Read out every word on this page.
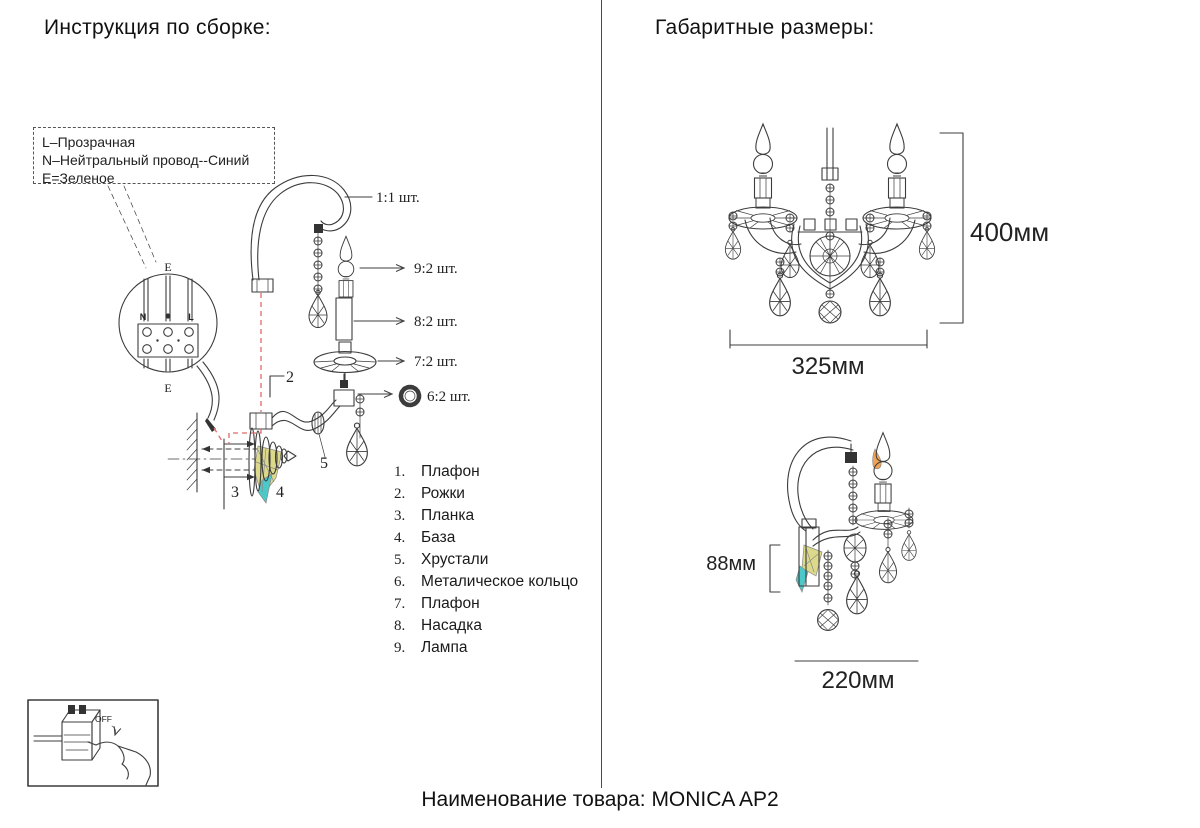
Инструкция по сборке:	Габаритные размеры:
Наименование товара: MONICA AP2
L–Прозрачная
N–Нейтральный провод--Синий
E=Зеленое
1.	Плафон
2.	Рожки
3.	Планка
4.	База
5.	Хрустали
6.	Металическое кольцо
7.	Плафон
8.	Насадка
9.	Лампа
N	L
E
E
3 4
1:1 шт.
9:2 шт.
8:2 шт.
7:2 шт.
6:2 шт.
2
5
OFF
400мм
325мм
88мм
220мм
